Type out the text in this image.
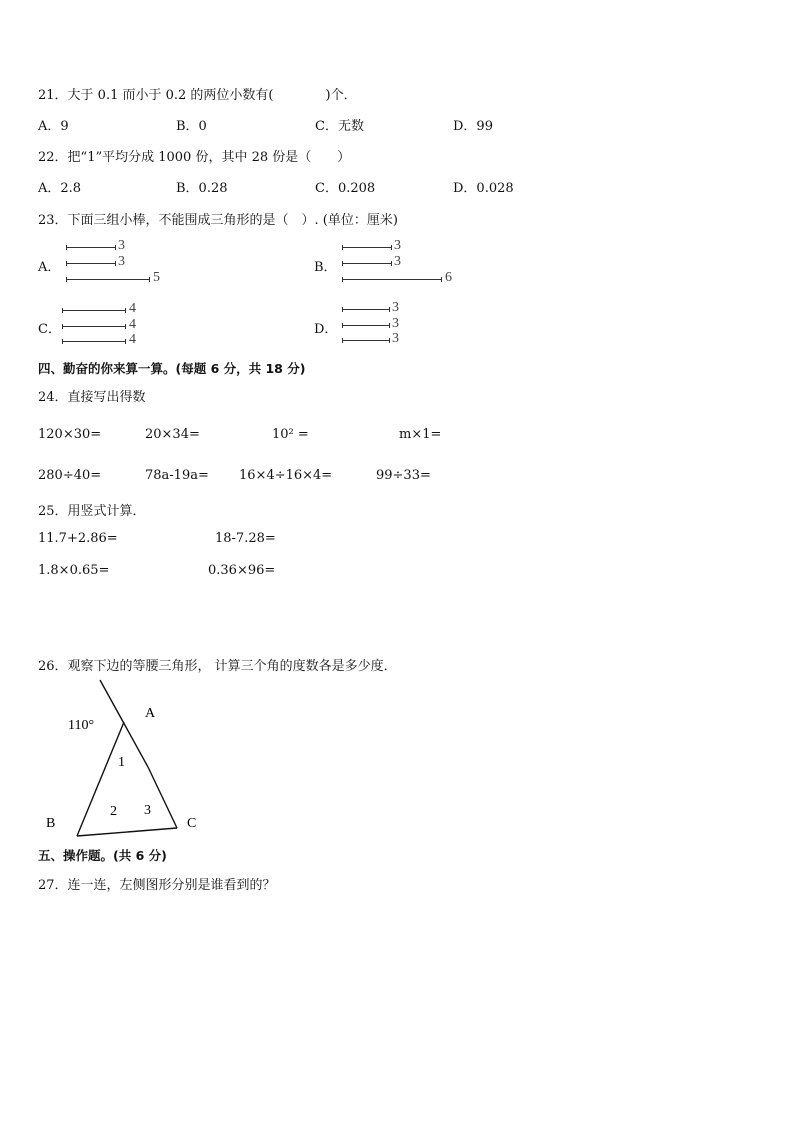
21．大于 0.1 而小于 0.2 的两位小数有(　　　　)个．
A．9	B．0	C．无数	D．99
22．把“1”平均分成 1000 份，其中 28 份是（　　）
A．2.8	B．0.28	C．0.208	D．0.028
23．下面三组小棒，不能围成三角形的是（　）. (单位：厘米)
A．
3
3
5
B．
3
3
6
C．
4
4
4
D．
3
3
3
四、勤奋的你来算一算。(每题 6 分，共 18 分)
24．直接写出得数
120×30=	20×34=	10² =	m×1=
280÷40=	78a-19a= 16×4÷16×4=	99÷33=
25．用竖式计算．
11.7+2.86=	18-7.28=
1.8×0.65=	0.36×96=
26．观察下边的等腰三角形， 计算三个角的度数各是多少度．
110°
A
B	C
1
2 3
五、操作题。(共 6 分)
27．连一连，左侧图形分别是谁看到的？
